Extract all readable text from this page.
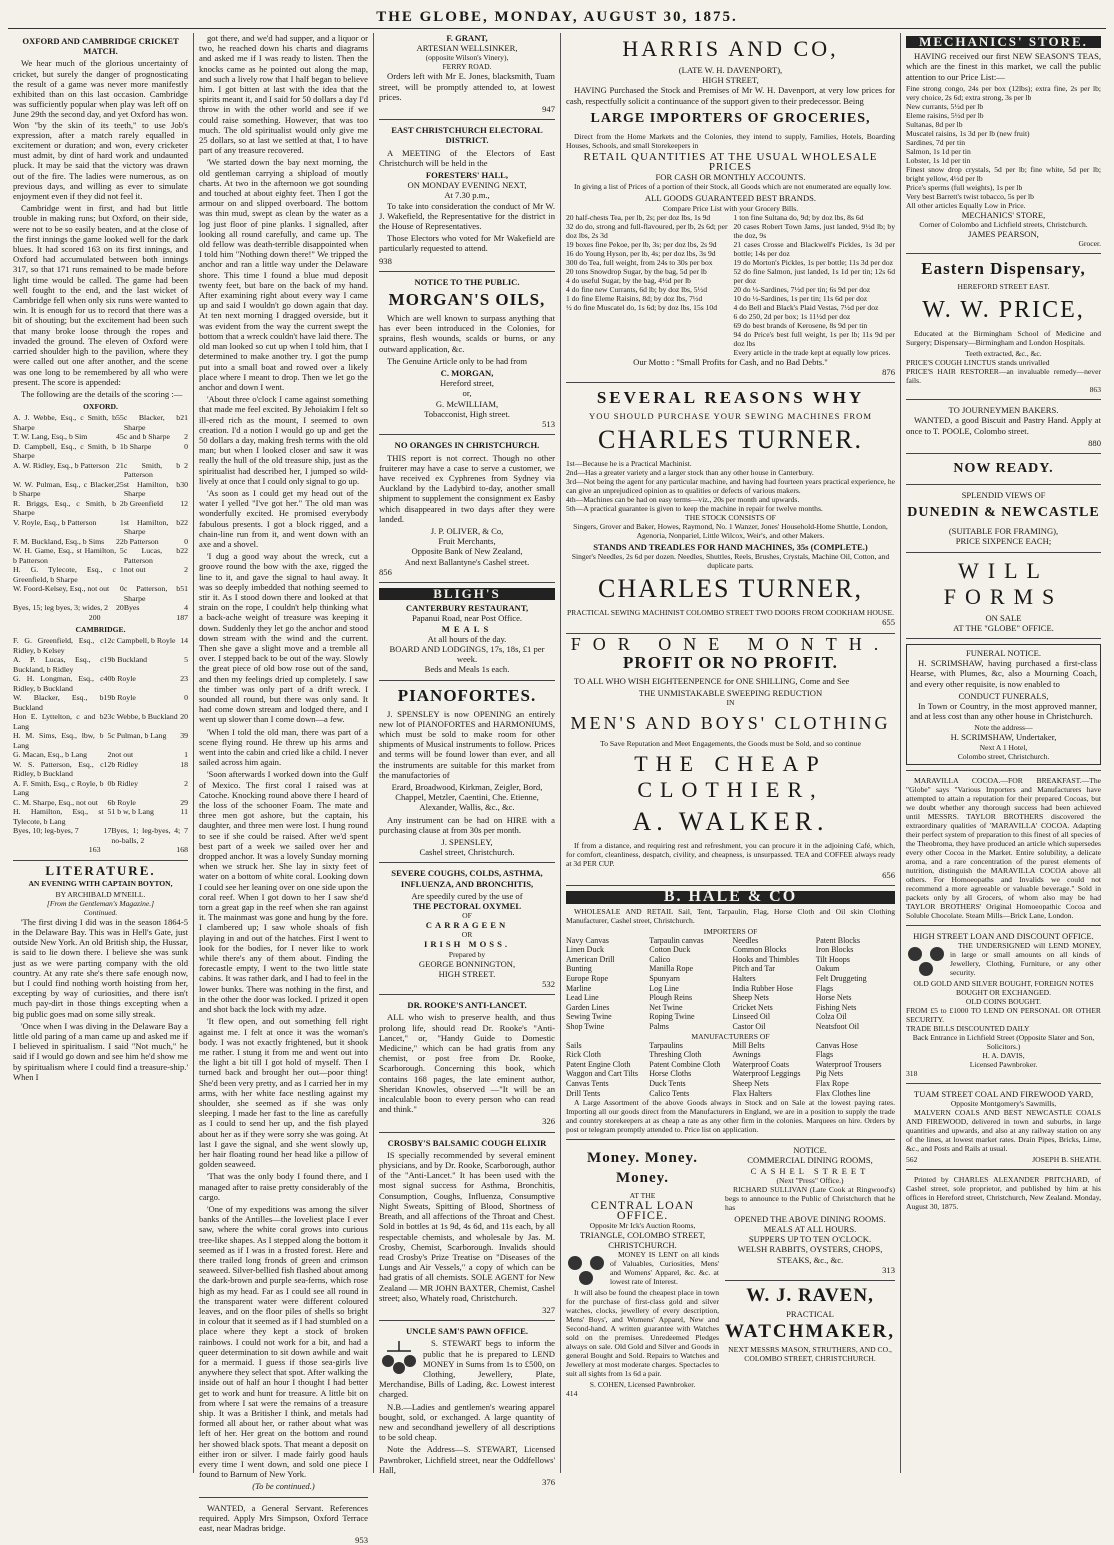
THE GLOBE, MONDAY, AUGUST 30, 1875.
OXFORD AND CAMBRIDGE CRICKET MATCH.

We hear much of the glorious uncertainty of cricket, but surely the danger of prognosticating the result of a game was never more manifestly exhibited than on this last occasion. Cambridge was sufficiently popular when play was left off on June 29th the second day, and yet Oxford has won. Won "by the skin of its teeth," to use Job's expression, after a match rarely equalled in excitement or duration; and won, every cricketer must admit, by dint of hard work and undaunted pluck. It may be said that the victory was drawn out of the fire. The ladies were numerous, as on previous days, and willing as ever to simulate enjoyment even if they did not feel it.

Cambridge went in first, and had but little trouble in making runs; but Oxford, on their side, were not to be so easily beaten, and at the close of the first innings the game looked well for the dark blues. It had scored 163 on its first innings, and Oxford had accumulated between both innings 317, so that 171 runs remained to be made before light time would be called. The game had been well fought to the end, and the last wicket of Cambridge fell when only six runs were wanted to win. It is enough for us to record that there was a bit of shouting; but the excitement had been such that many broke loose through the ropes and invaded the ground. The eleven of Oxford were carried shoulder high to the pavilion, where they were called out one after another, and the scene was one long to be remembered by all who were present. The score is appended:

The following are the details of the scoring :—

OXFORD.
A. J. Webbe, Esq., c Smith, b Sharpe	55	c Blacker, b Sharpe	21
T. W. Lang, Esq., b Sim	45	c and b Sharpe	2
D. Campbell, Esq., c Smith, b Sharpe	1	b Sharpe	0
A. W. Ridley, Esq., b Patterson	21	c Smith, b Patterson	2
W. W. Pulman, Esq., c Blacker, b Sharpe	25	st Hamilton, b Sharpe	30
R. Briggs, Esq., c Smith, b Sharpe	2	b Greenfield	12
V. Royle, Esq., b Patterson	1	st Hamilton, b Sharpe	22
F. M. Buckland, Esq., b Sims	22	b Patterson	0
W. H. Game, Esq., st Hamilton, b Patterson	5	c Lucas, b Patterson	22
H. G. Tylecote, Esq., c Greenfield, b Sharpe	1	not out	2
W. Foord-Kelsey, Esq., not out	0	c Patterson, b Sharpe	51
Byes, 15; leg byes, 3; wides, 2	20	Byes	4
	200		187
CAMBRIDGE.
F. G. Greenfield, Esq., c Ridley, b Kelsey	12	c Campbell, b Royle	14
A. P. Lucas, Esq., c Buckland, b Ridley	19	b Buckland	5
G. H. Longman, Esq., c Ridley, b Buckland	40	b Royle	23
W. Blacker, Esq., b Buckland	19	b Royle	0
Hon E. Lyttelton, c and b Lang	23	c Webbe, b Buckland	20
H. M. Sims, Esq., lbw, b Lang	5	c Pulman, b Lang	39
G. Macan, Esq., b Lang	2	not out	1
W. S. Patterson, Esq., c Ridley, b Buckland	12	b Ridley	18
A. F. Smith, Esq., c Royle, b Lang	0	b Ridley	2
C. M. Sharpe, Esq., not out	6	b Royle	29
H. Hamilton, Esq., st Tylecote, b Lang	5	1 b w, b Lang	11
Byes, 10; leg-byes, 7	17	Byes, 1; leg-byes, 4; no-balls, 2	7
	163		168
LITERATURE.
AN EVENING WITH CAPTAIN BOYTON,
BY ARCHIBALD M'NEILL.
[From the Gentleman's Magazine.]
Continued.

'The first diving I did was in the season 1864-5 in the Delaware Bay. This was in Hell's Gate, just outside New York. An old British ship, the Hussar, is said to lie down there. I believe she was sunk just as we were parting company with the old country. At any rate she's there safe enough now, but I could find nothing worth hoisting from her, excepting by way of curiosities, and there isn't much pay-dirt in those things excepting when a big public goes mad on some silly streak.

'Once when I was diving in the Delaware Bay a little old paring of a man came up and asked me if I believed in spiritualism. I said "Not much," he said if I would go down and see him he'd show me by spiritualism where I could find a treasure-ship.' When I

got there, and we'd had supper, and a liquor or two, he reached down his charts and diagrams and asked me if I was ready to listen. Then the knocks came as he pointed out along the map, and such a lively row that I half began to believe him. I got bitten at last with the idea that the spirits meant it, and I said for 50 dollars a day I'd throw in with the other world and see if we could raise something. However, that was too much. The old spiritualist would only give me 25 dollars, so at last we settled at that, I to have part of any treasure recovered.

'We started down the bay next morning, the old gentleman carrying a shipload of moutly charts. At two in the afternoon we got sounding and touched at about eighty feet. Then I got the armour on and slipped overboard. The bottom was thin mud, swept as clean by the water as a log just floor of pine planks. I signalled, after looking all round carefully, and came up. The old fellow was death-terrible disappointed when I told him "Nothing down there!" We tripped the anchor and ran a little way under the Delaware shore. This time I found a blue mud deposit twenty feet, but bare on the back of my hand. After examining right about every way I came up and said I wouldn't go down again that day. At ten next morning I dragged overside, but it was evident from the way the current swept the bottom that a wreck couldn't have laid there. The old man looked so cut up when I told him, that I determined to make another try. I got the pump put into a small boat and rowed over a likely place where I meant to drop. Then we let go the anchor and down I went.

'About three o'clock I came against something that made me feel excited. By Jehoiakim I felt so ill-ered rich as the mount, I seemed to own creation. I'd a notion I would go up and get the 50 dollars a day, making fresh terms with the old man; but when I looked closer and saw it was really the hull of the old treasure ship, just as the spiritualist had described her, I jumped so wild-lively at once that I could only signal to go up.

'As soon as I could get my head out of the water I yelled "I've got her." The old man was wonderfully excited. He promised everybody fabulous presents. I got a block rigged, and a chain-line run from it, and went down with an axe and a shovel.

'I dug a good way about the wreck, cut a groove round the bow with the axe, rigged the line to it, and gave the signal to haul away. It was so deeply imbedded that nothing seemed to stir it. As I stood down there and looked at that strain on the rope, I couldn't help thinking what a back-ache weight of treasure was keeping it down. Suddenly they let go the anchor and stood down stream with the wind and the current. Then she gave a slight move and a tremble all over. I stepped back to be out of the way. Slowly the great piece of old bow rose out of the sand, and then my feelings dried up completely. I saw the timber was only part of a drift wreck. I sounded all round, but there was only sand. It had come down stream and lodged there, and I went up slower than I come down—a few.

'When I told the old man, there was part of a scene flying round. He threw up his arms and went into the cabin and cried like a child. I never sailed across him again.

'Soon afterwards I worked down into the Gulf of Mexico. The first coral I raised was at Catoche. Knocking round above there I heard of the loss of the schooner Foam. The mate and three men got ashore, but the captain, his daughter, and three men were lost. I hung round to see if she could be raised. After we'd spent best part of a week we sailed over her and dropped anchor. It was a lovely Sunday morning when we struck her. She lay in sixty feet of water on a bottom of white coral. Looking down I could see her leaning over on one side upon the coral reef. When I got down to her I saw she'd torn a great gap in the reef when she ran against it. The mainmast was gone and hung by the fore. I clambered up; I saw whole shoals of fish playing in and out of the hatches. First I went to look for the bodies, for I never like to work while there's any of them about. Finding the forecastle empty, I went to the two little state cabins. It was rather dark, and I had to feel in the lower bunks. There was nothing in the first, and in the other the door was locked. I prized it open and shot back the lock with my adze.

'It flew open, and out something fell right against me. I felt at once it was the woman's body. I was not exactly frightened, but it shook me rather. I stung it from me and went out into the light a bit till I got hold of myself. Then I turned back and brought her out—poor thing! She'd been very pretty, and as I carried her in my arms, with her white face nestling against my shoulder, she seemed as if she was only sleeping. I made her fast to the line as carefully as I could to send her up, and the fish played about her as if they were sorry she was going. At last I gave the signal, and she went slowly up, her hair floating round her head like a pillow of golden seaweed.

'That was the only body I found there, and I managed after to raise pretty considerably of the cargo.

'One of my expeditions was among the silver banks of the Antilles—the loveliest place I ever saw, where the white coral grows into curious tree-like shapes. As I stepped along the bottom it seemed as if I was in a frosted forest. Here and there trailed long fronds of green and crimson seaweed. Silver-bellied fish flashed about among the dark-brown and purple sea-ferns, which rose high as my head. Far as I could see all round in the transparent water were different coloured leaves, and on the floor piles of shells so bright in colour that it seemed as if I had stumbled on a place where they kept a stock of broken rainbows. I could not work for a bit, and had a queer determination to sit down awhile and wait for a mermaid. I guess if those sea-girls live anywhere they select that spot. After walking the inside out of half an hour I thought I had better get to work and hunt for treasure. A little bit on from where I sat were the remains of a treasure ship. It was a Britisher I think, and metals had formed all about her, or rather about what was left of her. Her great on the bottom and round her showed black spots. That meant a deposit on either iron or silver. I made fairly good hauls every time I went down, and sold one piece I found to Barnum of New York.

(To be continued.)

WANTED, a General Servant. References required. Apply Mrs Simpson, Oxford Terrace east, near Madras bridge.

953
F. GRANT,
ARTESIAN WELLSINKER,
(opposite Wilson's Vinery),
FERRY ROAD.

Orders left with Mr E. Jones, blacksmith, Tuam street, will be promptly attended to, at lowest prices.

947
EAST CHRISTCHURCH ELECTORAL DISTRICT.

A MEETING of the Electors of East Christchurch will be held in the

FORESTERS' HALL,
ON MONDAY EVENING NEXT,
At 7.30 p.m.,

To take into consideration the conduct of Mr W. J. Wakefield, the Representative for the district in the House of Representatives.

Those Electors who voted for Mr Wakefield are particularly requested to attend.

938
NOTICE TO THE PUBLIC.
MORGAN'S OILS,

Which are well known to surpass anything that has ever been introduced in the Colonies, for sprains, flesh wounds, scalds or burns, or any outward application, &c.

The Genuine Article only to be had from

C. MORGAN,
Hereford street,
or,
G. McWILLIAM,
Tobacconist, High street.
513
NO ORANGES IN CHRISTCHURCH.

THIS report is not correct. Though no other fruiterer may have a case to serve a customer, we have received ex Cyphrenes from Sydney via Auckland by the Ladybird to-day, another small shipment to supplement the consignment ex Easby which disappeared in two days after they were landed.

J. P. OLIVER, & Co,
Fruit Merchants,
Opposite Bank of New Zealand,
And next Ballantyne's Cashel street.
856
BLIGH'S
CANTERBURY RESTAURANT,
Papanui Road, near Post Office.
MEALS
At all hours of the day.
BOARD AND LODGINGS, 17s, 18s, £1 per week.
Beds and Meals 1s each.
PIANOFORTES.

J. SPENSLEY is now OPENING an entirely new lot of PIANOFORTES and HARMONIUMS, which must be sold to make room for other shipments of Musical instruments to follow. Prices and terms will be found lower than ever, and all the instruments are suitable for this market from the manufactories of

Erard, Broadwood, Kirkman, Zeigler, Bord, Chappel, Metzler, Caentini, Che. Etienne, Alexander, Wallis, &c., &c.

Any instrument can be had on HIRE with a purchasing clause at from 30s per month.

J. SPENSLEY,
Cashel street, Christchurch.
SEVERE COUGHS, COLDS, ASTHMA, INFLUENZA, AND BRONCHITIS,
Are speedily cured by the use of
THE PECTORAL OXYMEL
OF
CARRAGEEN
OR
IRISH MOSS.
Prepared by
GEORGE BONNINGTON,
HIGH STREET.
532
DR. ROOKE'S ANTI-LANCET.

ALL who wish to preserve health, and thus prolong life, should read Dr. Rooke's "Anti-Lancet," or, "Handy Guide to Domestic Medicine," which can be had gratis from any chemist, or post free from Dr. Rooke, Scarborough. Concerning this book, which contains 168 pages, the late eminent author, Sheridan Knowles, observed —"It will be an incalculable boon to every person who can read and think."

326
CROSBY'S BALSAMIC COUGH ELIXIR

IS specially recommended by several eminent physicians, and by Dr. Rooke, Scarborough, author of the "Anti-Lancet." It has been used with the most signal success for Asthma, Bronchitis, Consumption, Coughs, Influenza, Consumptive Night Sweats, Spitting of Blood, Shortness of Breath, and all affections of the Throat and Chest. Sold in bottles at 1s 9d, 4s 6d, and 11s each, by all respectable chemists, and wholesale by Jas. M. Crosby, Chemist, Scarborough. Invalids should read Crosby's Prize Treatise on "Diseases of the Lungs and Air Vessels," a copy of which can be had gratis of all chemists. SOLE AGENT for New Zealand — MR JOHN BAXTER, Chemist, Cashel street; also, Whately road, Christchurch.

327
UNCLE SAM'S PAWN OFFICE.

S. STEWART begs to inform the public that he is prepared to LEND MONEY in Sums from 1s to £500, on Clothing, Jewellery, Plate, Merchandise, Bills of Lading, &c. Lowest interest charged.

N.B.—Ladies and gentlemen's wearing apparel bought, sold, or exchanged. A large quantity of new and secondhand jewellery of all descriptions to be sold cheap.

Note the Address—S. STEWART, Licensed Pawnbroker, Lichfield street, near the Oddfellows' Hall,

376
HARRIS AND CO,
(LATE W. H. DAVENPORT),
HIGH STREET,

HAVING Purchased the Stock and Premises of Mr W. H. Davenport, at very low prices for cash, respectfully solicit a continuance of the support given to their predecessor. Being

LARGE IMPORTERS OF GROCERIES,

Direct from the Home Markets and the Colonies, they intend to supply, Families, Hotels, Boarding Houses, Schools, and small Storekeepers in

RETAIL QUANTITIES AT THE USUAL WHOLESALE PRICES
FOR CASH OR MONTHLY ACCOUNTS.

In giving a list of Prices of a portion of their Stock, all Goods which are not enumerated are equally low.

ALL GOODS GUARANTEED BEST BRANDS.
Compare Price List with your Grocery Bills.
20 half-chests Tea, per lb, 2s; per doz lbs, 1s 9d
32 do do, strong and full-flavoured, per lb, 2s 6d; per doz lbs, 2s 3d
19 boxes fine Pekoe, per lb, 3s; per doz lbs, 2s 9d
16 do Young Hyson, per lb, 4s; per doz lbs, 3s 9d
300 do Tea, full weight, from 24s to 30s per box
20 tons Snowdrop Sugar, by the bag, 5d per lb
4 do useful Sugar, by the bag, 4½d per lb
4 do fine new Currants, 6d lb; by doz lbs, 5½d
1 do fine Eleme Raisins, 8d; by doz lbs, 7½d
½ do fine Muscatel do, 1s 6d; by doz lbs, 15s 10d
1 ton fine Sultana do, 9d; by doz lbs, 8s 6d
20 cases Robert Town Jams, just landed, 9½d lb; by the doz, 9s
21 cases Crosse and Blackwell's Pickles, 1s 3d per bottle; 14s per doz
19 do Morton's Pickles, 1s per bottle; 11s 3d per doz
52 do fine Salmon, just landed, 1s 1d per tin; 12s 6d per doz
20 do ¼-Sardines, 7½d per tin; 6s 9d per doz
10 do ½-Sardines, 1s per tin; 11s 6d per doz
4 do Bell and Black's Plaid Vestas, 7½d per doz
6 do 250, 2d per box; 1s 11½d per doz
69 do best brands of Kerosene, 8s 9d per tin
94 do Price's best full weight, 1s per lb; 11s 9d per doz lbs
Every article in the trade kept at equally low prices.
Our Motto : "Small Profits for Cash, and no Bad Debts."
876
SEVERAL REASONS WHY
YOU SHOULD PURCHASE YOUR SEWING MACHINES FROM
CHARLES TURNER.
1st—Because he is a Practical Machinist.
2nd—Has a greater variety and a larger stock than any other house in Canterbury.
3rd—Not being the agent for any particular machine, and having had fourteen years practical experience, he can give an unprejudiced opinion as to qualities or defects of various makers.
4th—Machines can be had on easy terms—viz., 20s per month and upwards.
5th—A practical guarantee is given to keep the machine in repair for twelve months.
THE STOCK CONSISTS OF

Singers, Grover and Baker, Howes, Raymond, No. 1 Wanzer, Jones' Household-Home Shuttle, London, Agenoria, Nonpariel, Little Wilcox, Weir's, and other Makers.

STANDS AND TREADLES FOR HAND MACHINES, 35s (COMPLETE.)

Singer's Needles, 2s 6d per dozen. Needles, Shuttles, Reels, Brushes, Crystals, Machine Oil, Cotton, and duplicate parts.

CHARLES TURNER,
PRACTICAL SEWING MACHINIST COLOMBO STREET TWO DOORS FROM COOKHAM HOUSE.
655
FOR ONE MONTH.
PROFIT OR NO PROFIT.

TO ALL WHO WISH EIGHTEENPENCE for ONE SHILLING, Come and See

THE UNMISTAKABLE SWEEPING REDUCTION
IN
MEN'S AND BOYS' CLOTHING
To Save Reputation and Meet Engagements, the Goods must be Sold, and so continue
THE CHEAP CLOTHIER,
A. WALKER.

If from a distance, and requiring rest and refreshment, you can procure it in the adjoining Café, which, for comfort, cleanliness, despatch, civility, and cheapness, is unsurpassed. TEA and COFFEE always ready at 3d PER CUP.

656
B. HALE & CO

WHOLESALE AND RETAIL Sail, Tent, Tarpaulin, Flag, Horse Cloth and Oil skin Clothing Manufacturer, Cashel street, Christchurch.

IMPORTERS OF
Navy Canvas
Linen Duck
American Drill
Bunting
Europe Rope
Marline
Lead Line
Garden Lines
Sewing Twine
Shop Twine
Tarpaulin canvas
Cotton Duck
Calico
Manilla Rope
Spunyarn
Log Line
Plough Reins
Net Twine
Roping Twine
Palms
Needles
Common Blocks
Hooks and Thimbles
Pitch and Tar
Halters
India Rubber Hose
Sheep Nets
Cricket Nets
Linseed Oil
Castor Oil
Patent Blocks
Iron Blocks
Tilt Hoops
Oakum
Felt Druggeting
Flags
Horse Nets
Fishing Nets
Colza Oil
Neatsfoot Oil
MANUFACTURERS OF
Sails
Rick Cloth
Patent Engine Cloth
Waggon and Cart Tilts
Canvas Tents
Drill Tents
Tarpaulins
Threshing Cloth
Patent Combine Cloth
Horse Cloths
Duck Tents
Calico Tents
Mill Belts
Awnings
Waterproof Coats
Waterproof Leggings
Sheep Nets
Flax Halters
Canvas Hose
Flags
Waterproof Trousers
Pig Nets
Flax Rope
Flax Clothes line

A Large Assortment of the above Goods always in Stock and on Sale at the lowest paying rates. Importing all our goods direct from the Manufacturers in England, we are in a position to supply the trade and country storekeepers at as cheap a rate as any other firm in the colonies. Marquees on hire. Orders by post or telegram promptly attended to. Price list on application.

Money. Money. Money.
AT THE
CENTRAL LOAN OFFICE.
Opposite Mr Ick's Auction Rooms,
TRIANGLE, COLOMBO STREET,
CHRISTCHURCH.

MONEY IS LENT on all kinds of Valuables, Curiosities, Mens' and Womens' Apparel, &c. &c. at lowest rate of Interest.

It will also be found the cheapest place in town for the purchase of first-class gold and silver watches, clocks, jewellery of every description, Mens' Boys', and Womens' Apparel, New and Second-hand. A written guarantee with Watches sold on the premises. Unredeemed Pledges always on sale. Old Gold and Silver and Goods in general Bought and Sold. Repairs to Watches and Jewellery at most moderate charges. Spectacles to suit all sights from 1s 6d a pair.

S. COHEN, Licensed Pawnbroker.
414
NOTICE.
COMMERCIAL DINING ROOMS,
CASHEL STREET
(Next "Press" Office.)

RICHARD SULLIVAN (Late Cook at Ringwood's) begs to announce to the Public of Christchurch that he has

OPENED THE ABOVE DINING ROOMS.
MEALS AT ALL HOURS.
SUPPERS UP TO TEN O'CLOCK.
WELSH RABBITS, OYSTERS, CHOPS,
STEAKS, &c., &c.
313
W. J. RAVEN,
PRACTICAL
WATCHMAKER,
NEXT MESSRS MASON, STRUTHERS, AND CO.,
COLOMBO STREET, CHRISTCHURCH.
MECHANICS' STORE.

HAVING received our first NEW SEASON'S TEAS, which are the finest in this market, we call the public attention to our Price List:—

Fine strong congo, 24s per box (12lbs); extra fine, 2s per lb; very choice, 2s 6d; extra strong, 3s per lb
New currants, 5½d per lb
Eleme raisins, 5½d per lb
Sultanas, 8d per lb
Muscatel raisins, 1s 3d per lb (new fruit)
Sardines, 7d per tin
Salmon, 1s 1d per tin
Lobster, 1s 1d per tin
Finest snow drop crystals, 5d per lb; fine white, 5d per lb; bright yellow, 4½d per lb
Price's sperms (full weights), 1s per lb
Very best Barrett's twist tobacco, 5s per lb
All other articles Equally Low in Price.
MECHANICS' STORE,
Corner of Colombo and Lichfield streets, Christchurch.
JAMES PEARSON,
Grocer.
Eastern Dispensary,
HEREFORD STREET EAST.
W. W. PRICE,

Educated at the Birmingham School of Medicine and Surgery; Dispensary—Birmingham and London Hospitals.

Teeth extracted, &c., &c.
PRICE'S COUGH LINCTUS stands unrivalled
PRICE'S HAIR RESTORER—an invaluable remedy—never fails.
863
TO JOURNEYMEN BAKERS.

WANTED, a good Biscuit and Pastry Hand. Apply at once to T. POOLE, Colombo street.

880
NOW READY.
SPLENDID VIEWS OF
DUNEDIN & NEWCASTLE
(SUITABLE FOR FRAMING),
PRICE SIXPENCE EACH;
WILL FORMS
ON SALE
AT THE "GLOBE" OFFICE.
FUNERAL NOTICE.

H. SCRIMSHAW, having purchased a first-class Hearse, with Plumes, &c, also a Mourning Coach, and every other requisite, is now enabled to

CONDUCT FUNERALS,

In Town or Country, in the most approved manner, and at less cost than any other house in Christchurch.

Note the address—
H. SCRIMSHAW, Undertaker,
Next A 1 Hotel,
Colombo street, Christchurch.

MARAVILLA COCOA.—FOR BREAKFAST.—The "Globe" says "Various Importers and Manufacturers have attempted to attain a reputation for their prepared Cocoas, but we doubt whether any thorough success had been achieved until MESSRS. TAYLOR BROTHERS discovered the extraordinary qualities of 'MARAVILLA' COCOA. Adapting their perfect system of preparation to this finest of all species of the Theobroma, they have produced an article which supersedes every other Cocoa in the Market. Entire solubility, a delicate aroma, and a rare concentration of the purest elements of nutrition, distinguish the MARAVILLA COCOA above all others. For Homoeopaths and Invalids we could not recommend a more agreeable or valuable beverage." Sold in packets only by all Grocers, of whom also may be had TAYLOR BROTHERS' Original Homoeopathic Cocoa and Soluble Chocolate. Steam Mills—Brick Lane, London.

HIGH STREET LOAN AND DISCOUNT OFFICE.

THE UNDERSIGNED will LEND MONEY, in large or small amounts on all kinds of Jewellery, Clothing, Furniture, or any other security.

OLD GOLD AND SILVER BOUGHT, FOREIGN NOTES BOUGHT OR EXCHANGED.
OLD COINS BOUGHT.
FROM £5 to £1000 TO LEND ON PERSONAL OR OTHER SECURITY.
TRADE BILLS DISCOUNTED DAILY
Back Entrance in Lichfield Street (Opposite Slater and Son, Solicitors.)
H. A. DAVIS,
Licensed Pawnbroker.
318
TUAM STREET COAL AND FIREWOOD YARD,
Opposite Montgomery's Sawmills,

MALVERN COALS AND BEST NEWCASTLE COALS AND FIREWOOD, delivered in town and suburbs, in large quantities and upwards, and also at any railway station on any of the lines, at lowest market rates. Drain Pipes, Bricks, Lime, &c., and Posts and Rails at usual.

562	JOSEPH B. SHEATH.

Printed by CHARLES ALEXANDER PRITCHARD, of Cashel street, sole proprietor, and published by him at his offices in Hereford street, Christchurch, New Zealand. Monday, August 30, 1875.
